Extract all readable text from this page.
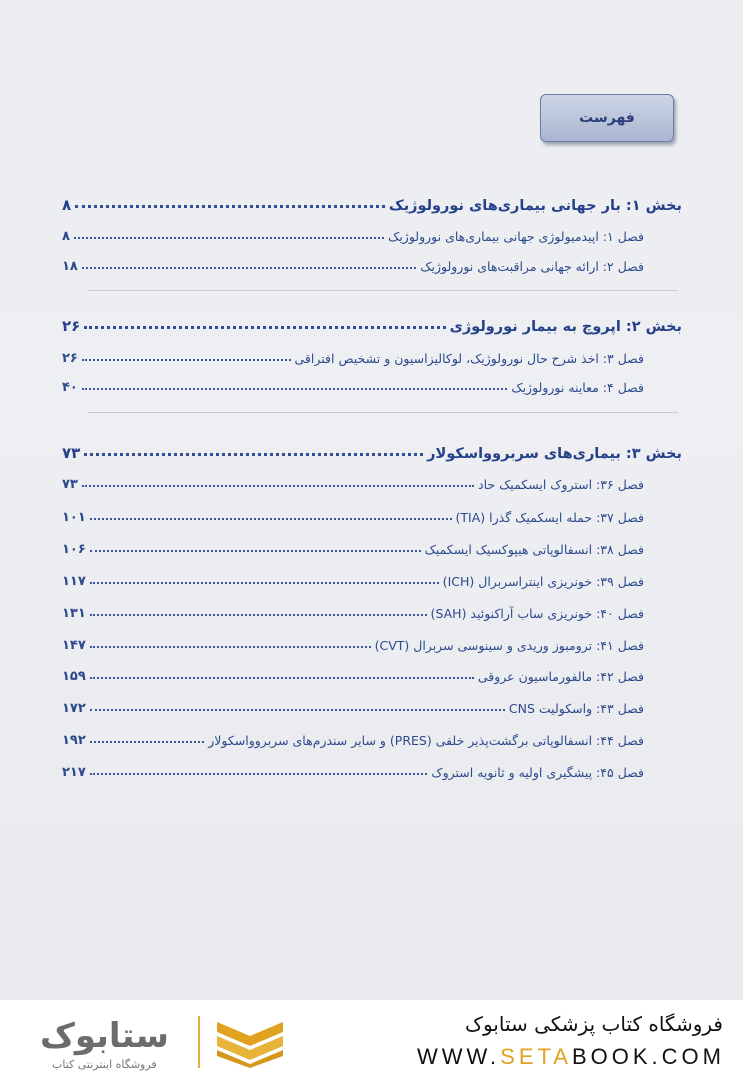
فهرست
بخش ۱: بار جهانی بیماری‌های نورولوژیک
۸
فصل ۱: اپیدمیولوژی جهانی بیماری‌های نورولوژیک
۸
فصل ۲: ارائه جهانی مراقبت‌های نورولوژیک
۱۸
بخش ۲: اپروچ به بیمار نورولوژی
۲۶
فصل ۳: اخذ شرح حال نورولوژیک، لوکالیزاسیون و تشخیص افتراقی
۲۶
فصل ۴: معاینه نورولوژیک
۴۰
بخش ۳: بیماری‌های سربروواسکولار
۷۳
فصل ۳۶: استروک ایسکمیک حاد
۷۳
فصل ۳۷: حمله ایسکمیک گذرا (TIA)
۱۰۱
فصل ۳۸: انسفالوپاتی هیپوکسیک ایسکمیک
۱۰۶
فصل ۳۹: خونریزی اینتراسربرال (ICH)
۱۱۷
فصل ۴۰: خونریزی ساب آراکنوئید (SAH)
۱۳۱
فصل ۴۱: ترومبوز وریدی و سینوسی سربرال (CVT)
۱۴۷
فصل ۴۲: مالفورماسیون عروقی
۱۵۹
فصل ۴۳: واسکولیت CNS
۱۷۲
فصل ۴۴: انسفالوپاتی برگشت‌پذیر خلفی (PRES) و سایر سندرم‌های سربروواسکولار
۱۹۲
فصل ۴۵: پیشگیری اولیه و ثانویه استروک
۲۱۷
ستابوک
فروشگاه اینترنتی کتاب
فروشگاه کتاب پزشکی ستابوک
WWW.SETABOOK.COM
